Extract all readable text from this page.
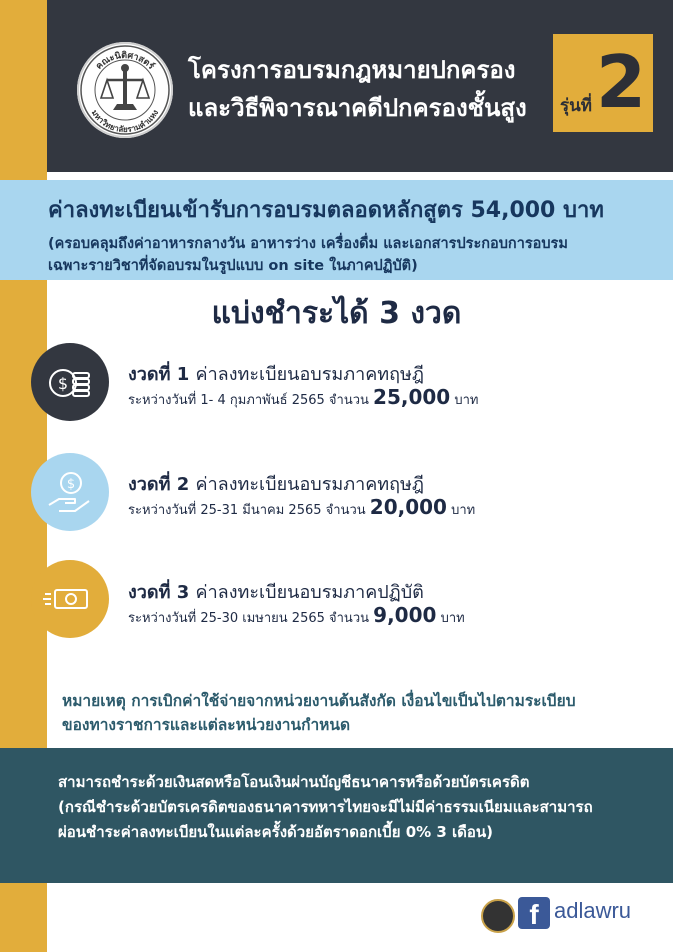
คณะนิติศาสตร์
มหาวิทยาลัยรามคำแหง
โครงการอบรมกฎหมายปกครอง
และวิธีพิจารณาคดีปกครองชั้นสูง รุ่นที่ 2
ค่าลงทะเบียนเข้ารับการอบรมตลอดหลักสูตร 54,000 บาท
(ครอบคลุมถึงค่าอาหารกลางวัน อาหารว่าง เครื่องดื่ม และเอกสารประกอบการอบรม
เฉพาะรายวิชาที่จัดอบรมในรูปแบบ on site ในภาคปฏิบัติ)
แบ่งชำระได้ 3 งวด
$	งวดที่ 1 ค่าลงทะเบียนอบรมภาคทฤษฎี
ระหว่างวันที่ 1- 4 กุมภาพันธ์ 2565 จำนวน 25,000 บาท
$	งวดที่ 2 ค่าลงทะเบียนอบรมภาคทฤษฎี
ระหว่างวันที่ 25-31 มีนาคม 2565 จำนวน 20,000 บาท
งวดที่ 3 ค่าลงทะเบียนอบรมภาคปฏิบัติ
ระหว่างวันที่ 25-30 เมษายน 2565 จำนวน 9,000 บาท
หมายเหตุ การเบิกค่าใช้จ่ายจากหน่วยงานต้นสังกัด เงื่อนไขเป็นไปตามระเบียบ
ของทางราชการและแต่ละหน่วยงานกำหนด
สามารถชำระด้วยเงินสดหรือโอนเงินผ่านบัญชีธนาคารหรือด้วยบัตรเครดิต
(กรณีชำระด้วยบัตรเครดิตของธนาคารทหารไทยจะมีไม่มีค่าธรรมเนียมและสามารถ
ผ่อนชำระค่าลงทะเบียนในแต่ละครั้งด้วยอัตราดอกเบี้ย 0% 3 เดือน)
f adlawru
